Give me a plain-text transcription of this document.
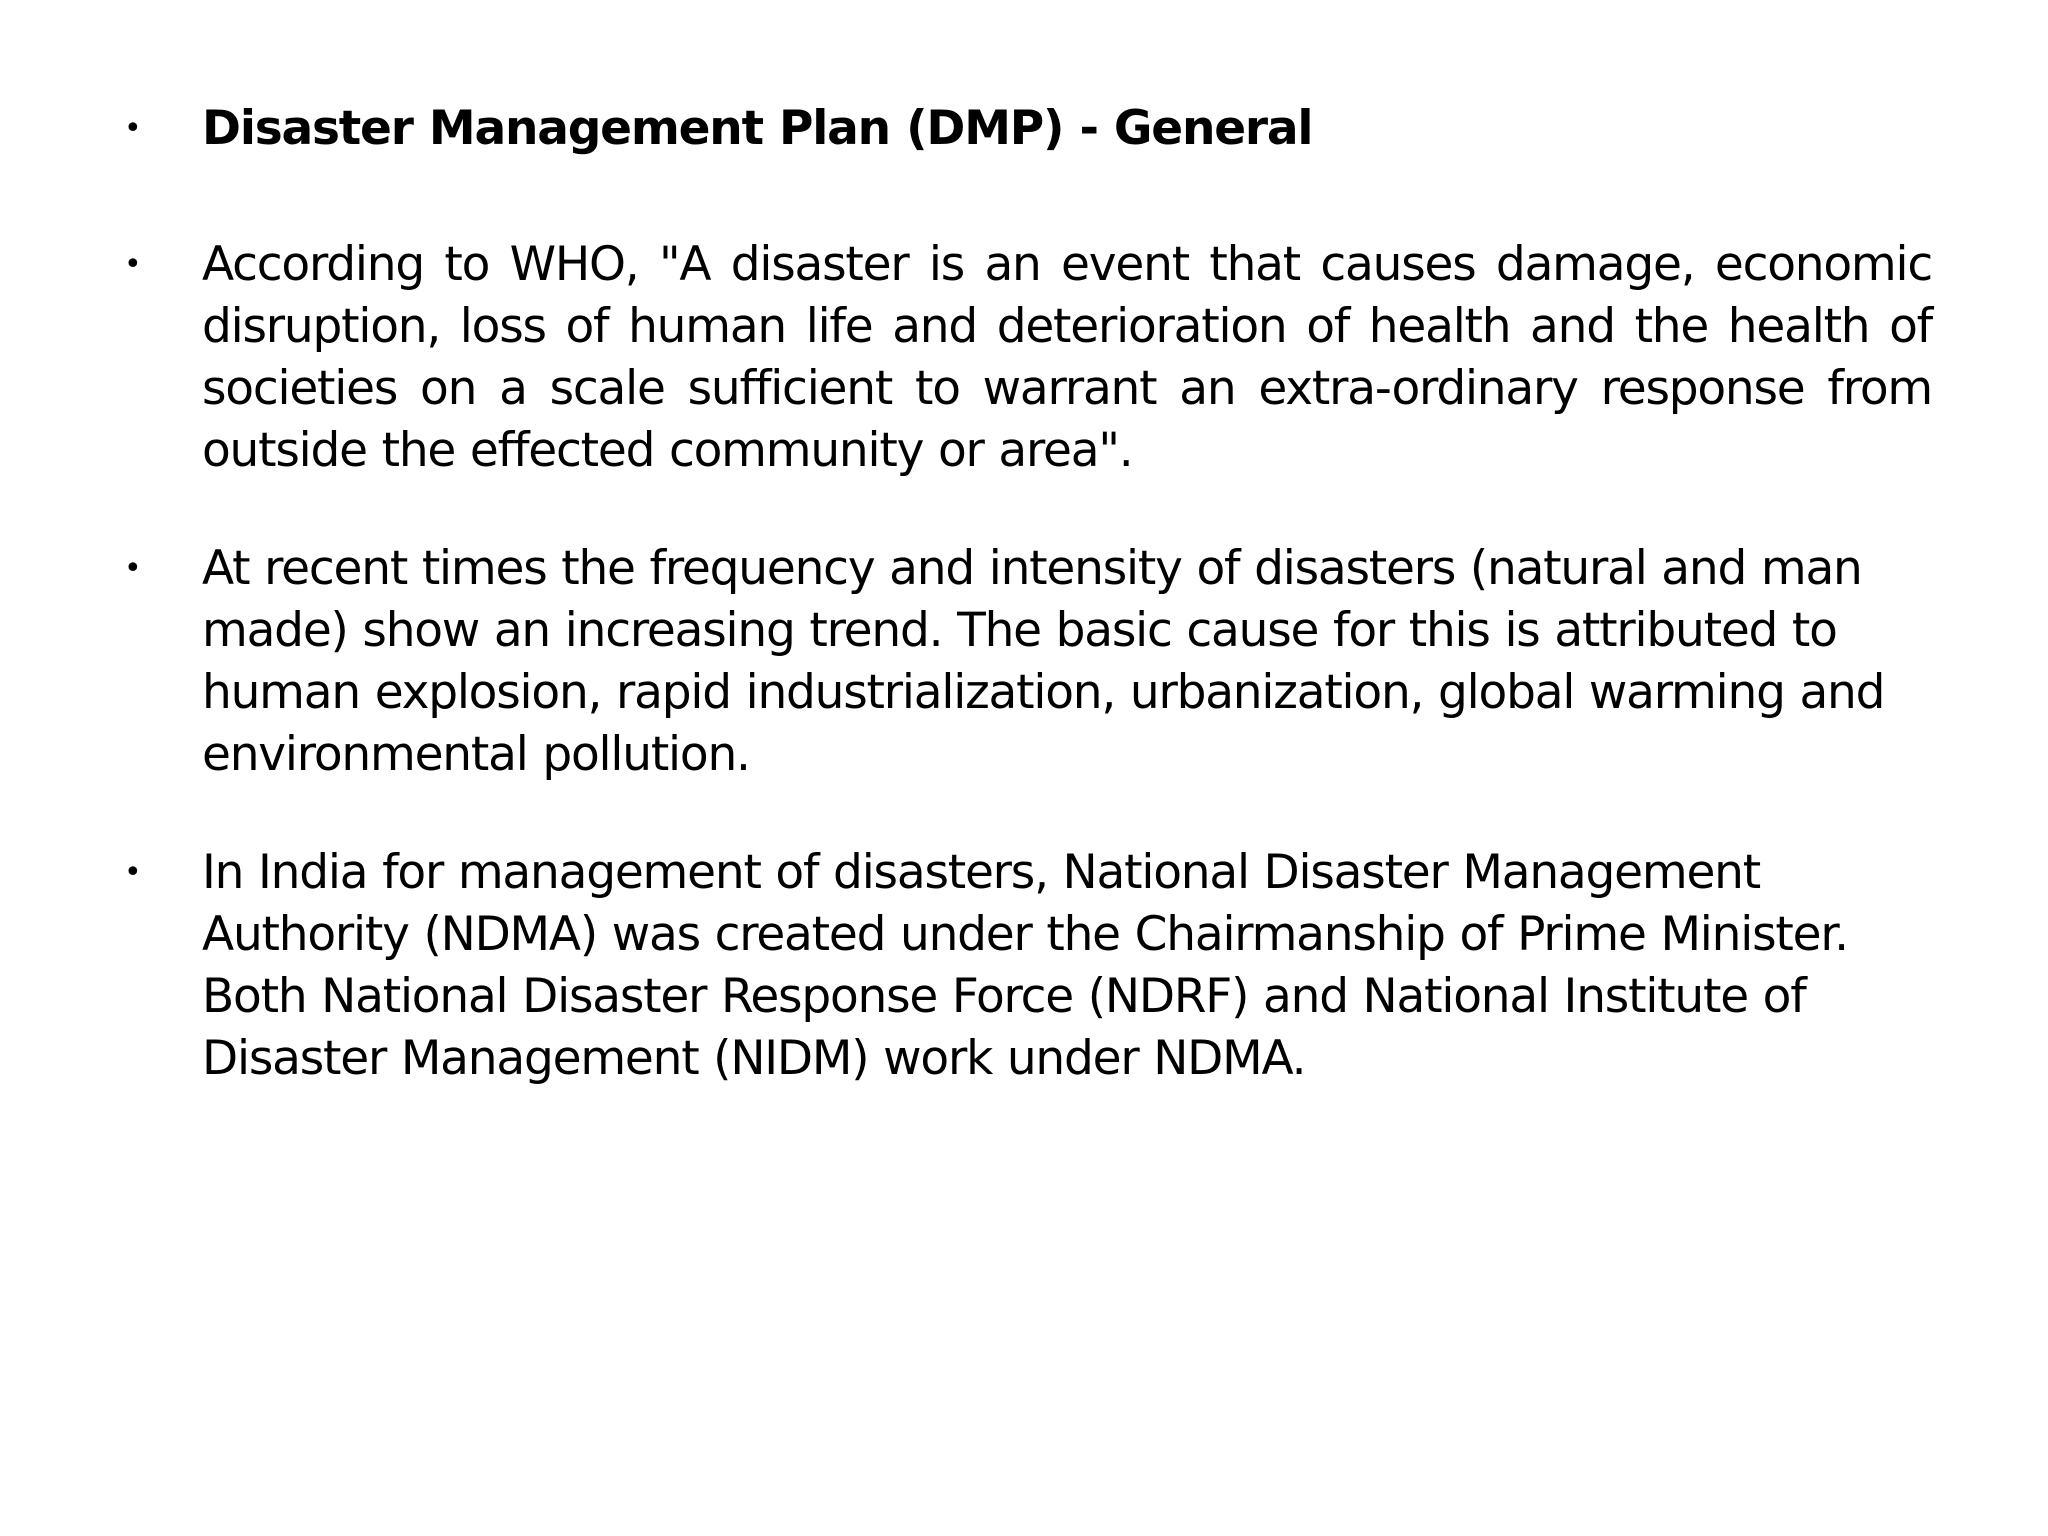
• Disaster Management Plan (DMP) - General
• According to WHO, "A disaster is an event that causes damage, economic disruption, loss of human life and deterioration of health and the health of societies on a scale sufficient to warrant an extra-ordinary response from outside the effected community or area".
• At recent times the frequency and intensity of disasters (natural and man made) show an increasing trend. The basic cause for this is attributed to human explosion, rapid industrialization, urbanization, global warming and environmental pollution.
• In India for management of disasters, National Disaster Management Authority (NDMA) was created under the Chairmanship of Prime Minister. Both National Disaster Response Force (NDRF) and National Institute of Disaster Management (NIDM) work under NDMA.
